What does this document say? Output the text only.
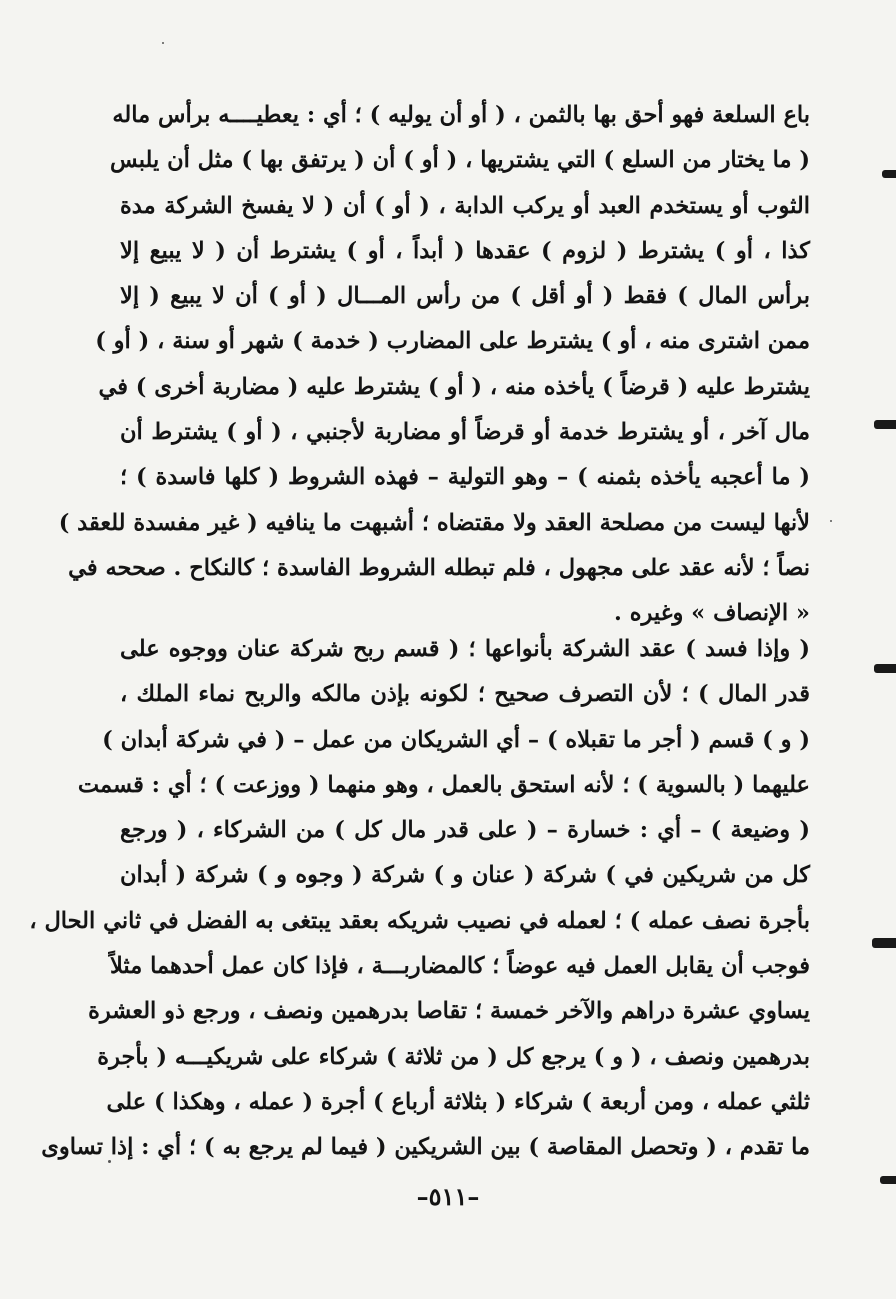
باع السلعة فهو أحق بها بالثمن ، ( أو أن يوليه ) ؛ أي : يعطيــــه برأس ماله
( ما يختار من السلع ) التي يشتريها ، ( أو ) أن ( يرتفق بها ) مثل أن يلبس
الثوب أو يستخدم العبد أو يركب الدابة ، ( أو ) أن ( لا يفسخ الشركة مدة
كذا ، أو ) يشترط ( لزوم ) عقدها ( أبداً ، أو ) يشترط أن ( لا يبيع إلا
برأس المال ) فقط ( أو أقل ) من رأس المـــال ( أو ) أن لا يبيع ( إلا
ممن اشترى منه ، أو ) يشترط على المضارب ( خدمة ) شهر أو سنة ، ( أو )
يشترط عليه ( قرضاً ) يأخذه منه ، ( أو ) يشترط عليه ( مضاربة أخرى ) في
مال آخر ، أو يشترط خدمة أو قرضاً أو مضاربة لأجنبي ، ( أو ) يشترط أن
( ما أعجبه يأخذه بثمنه ) – وهو التولية – فهذه الشروط ( كلها فاسدة ) ؛
لأنها ليست من مصلحة العقد ولا مقتضاه ؛ أشبهت ما ينافيه ( غير مفسدة للعقد )
نصاً ؛ لأنه عقد على مجهول ، فلم تبطله الشروط الفاسدة ؛ كالنكاح . صححه في
« الإنصاف » وغيره .
( وإذا فسد ) عقد الشركة بأنواعها ؛ ( قسم ربح شركة عنان ووجوه على
قدر المال ) ؛ لأن التصرف صحيح ؛ لكونه بإذن مالكه والربح نماء الملك ،
( و ) قسم ( أجر ما تقبلاه ) – أي الشريكان من عمل – ( في شركة أبدان )
عليهما ( بالسوية ) ؛ لأنه استحق بالعمل ، وهو منهما ( ووزعت ) ؛ أي : قسمت
( وضيعة ) – أي : خسارة – ( على قدر مال كل ) من الشركاء ، ( ورجع
كل من شريكين في ) شركة ( عنان و ) شركة ( وجوه و ) شركة ( أبدان
بأجرة نصف عمله ) ؛ لعمله في نصيب شريكه بعقد يبتغى به الفضل في ثاني الحال ،
فوجب أن يقابل العمل فيه عوضاً ؛ كالمضاربـــة ، فإذا كان عمل أحدهما مثلاً
يساوي عشرة دراهم والآخر خمسة ؛ تقاصا بدرهمين ونصف ، ورجع ذو العشرة
بدرهمين ونصف ، ( و ) يرجع كل ( من ثلاثة ) شركاء على شريكيـــه ( بأجرة
ثلثي عمله ، ومن أربعة ) شركاء ( بثلاثة أرباع ) أجرة ( عمله ، وهكذا ) على
ما تقدم ، ( وتحصل المقاصة ) بين الشريكين ( فيما لم يرجع به ) ؛ أي : إذا تساوى
–٥١١–
